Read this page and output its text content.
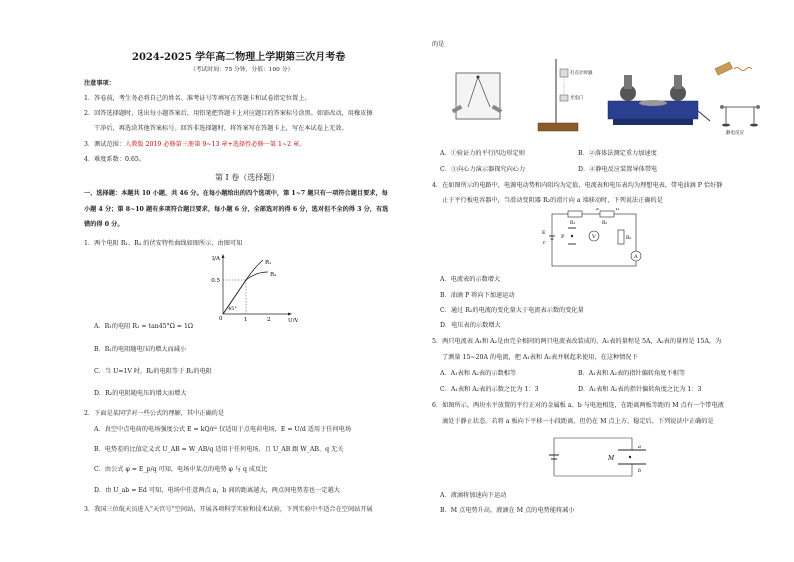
2024-2025 学年高二物理上学期第三次月考卷
（考试时间：75 分钟，分值：100 分）
注意事项：
1．答卷前，考生务必将自己的姓名、准考证号等填写在答题卡和试卷指定位置上。
2．回答选择题时，选出每小题答案后，用铅笔把答题卡上对应题目的答案标号涂黑。如需改动，用橡皮擦
干净后，再选涂其他答案标号。回答非选择题时，将答案写在答题卡上，写在本试卷上无效。
3．测试范围：人教版 2019 必修第三册第 9~13 章+选择性必修一第 1~2 章。
4．难度系数：0.65。
第 I 卷（选择题）
一、选择题：本题共 10 小题，共 46 分。在每小题给出的四个选项中，第 1~7 题只有一项符合题目要求，每
小题 4 分；第 8~10 题有多项符合题目要求，每小题 6 分，全部选对的得 6 分，选对但不全的得 3 分，有选
错的得 0 分。
1．两个电阻 R₁、R₂ 的伏安特性曲线如图所示，由图可知
I/A
U/V
0.5
0	1	2
45°
R₁
R₂
A．R₁的电阻 R₁ = tan45°Ω = 1Ω
B．R₁的电阻随电压的增大而减小
C．当 U=1V 时，R₂的电阻等于 R₁的电阻
D．R₂的电阻随电压的增大而增大
2．下面是某同学对一些公式的理解，其中正确的是
A．真空中点电荷的电场强度公式 E = kQ/r² 仅适用于点电荷电场，E = U/d 适用于任何电场
B．电势差的比值定义式 U_AB = W_AB/q 适用于任何电场，且 U_AB 跟 W_AB、q 无关
C．由公式 φ = E_p/q 可知，电场中某点的电势 φ 与 q 成反比
D．由 U_ab = Ed 可知，电场中任意两点 a，b 间的距离越大，两点间电势差也一定越大
3．我国三位航天员进入“天宫号”空间站，开展各项科学实验和技术试验，下列实验中不适合在空间站开展
的是
打点计时器
光电门
静电反应
A．①验证力的平行四边形定则	B．②落体法测定重力加速度
C．③向心力演示器探究向心力	D．④静电反应装置导体带电
4．在如图所示的电路中，电源电动势和内阻均为定值，电流表和电压表均为理想电表，带电油滴 P 恰好静
止于平行板电容器中，当滑动变阻器 R₂的滑片向 a 端移动时，下列说法正确的是
E
r
P	V
A
R₁	R₂
R₃
a	b
A．电流表的示数增大
B．油滴 P 将向下加速运动
C．通过 R₂的电流的变化量大于电流表示数的变化量
D．电压表的示数增大
5．两只电流表 A₁和 A₂是由完全相同的两只电流表改装成的，A₁表的量程是 5A，A₂表的量程是 15A。为
了测量 15~20A 的电流，把 A₁表和 A₂表并联起来使用，在这种情况下
A．A₁表和 A₂表的示数相等	B．A₁表和 A₂表的指针偏转角度不相等
C．A₁表和 A₂表的示数之比为 1：3	D．A₁表和 A₂表的指针偏转角度之比为 1：3
6．如图所示，两块水平放置的平行正对的金属板 a、b 与电池相连，在距离两板等距的 M 点有一个带电液
滴处于静止状态。若将 a 板向下平移一小段距离，但仍在 M 点上方，稳定后，下列说法中正确的是
M
a
b
A．液滴将加速向下运动
B．M 点电势升高，液滴在 M 点的电势能将减小
